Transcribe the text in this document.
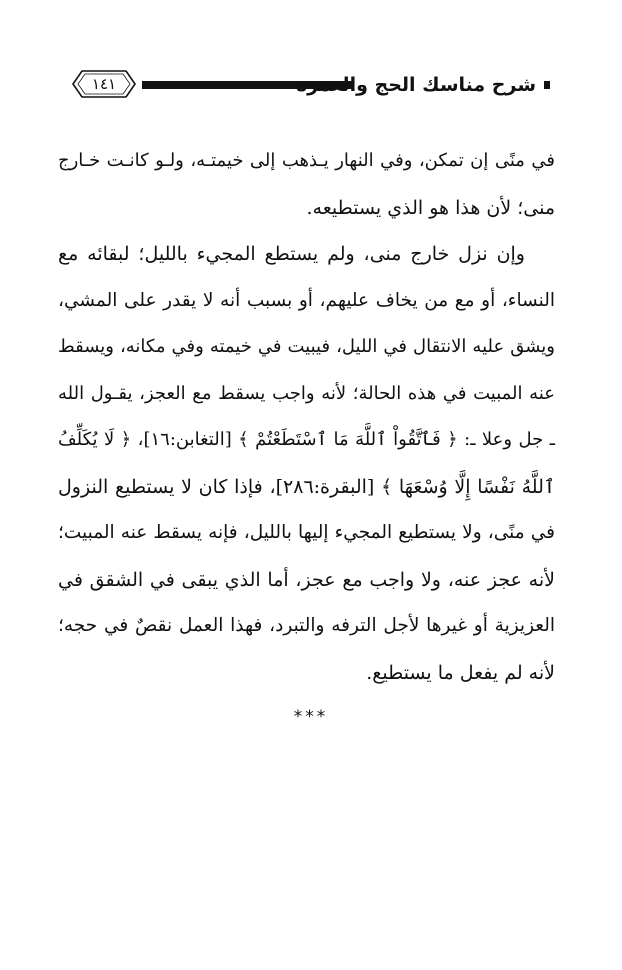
١٤١	شرح مناسك الحج والعمرة
في منًى إن تمكن، وفي النهار يـذهب إلى خيمتـه، ولـو كانـت خـارج
منى؛ لأن هذا هو الذي يستطيعه.
وإن نزل خارج منى، ولم يستطع المجيء بالليل؛ لبقائه مع
النساء، أو مع من يخاف عليهم، أو بسبب أنه لا يقدر على المشي،
ويشق عليه الانتقال في الليل، فيبيت في خيمته وفي مكانه، ويسقط
عنه المبيت في هذه الحالة؛ لأنه واجب يسقط مع العجز، يقـول الله
ـ جل وعلا ـ: ﴿ فَٱتَّقُواْ ٱللَّهَ مَا ٱسْتَطَعْتُمْ ﴾ [التغابن:١٦]، ﴿ لَا يُكَلِّفُ
ٱللَّهُ نَفْسًا إِلَّا وُسْعَهَا ﴾ [البقرة:٢٨٦]، فإذا كان لا يستطيع النزول
في منًى، ولا يستطيع المجيء إليها بالليل، فإنه يسقط عنه المبيت؛
لأنه عجز عنه، ولا واجب مع عجز، أما الذي يبقى في الشقق في
العزيزية أو غيرها لأجل الترفه والتبرد، فهذا العمل نقصٌ في حجه؛
لأنه لم يفعل ما يستطيع.
***
